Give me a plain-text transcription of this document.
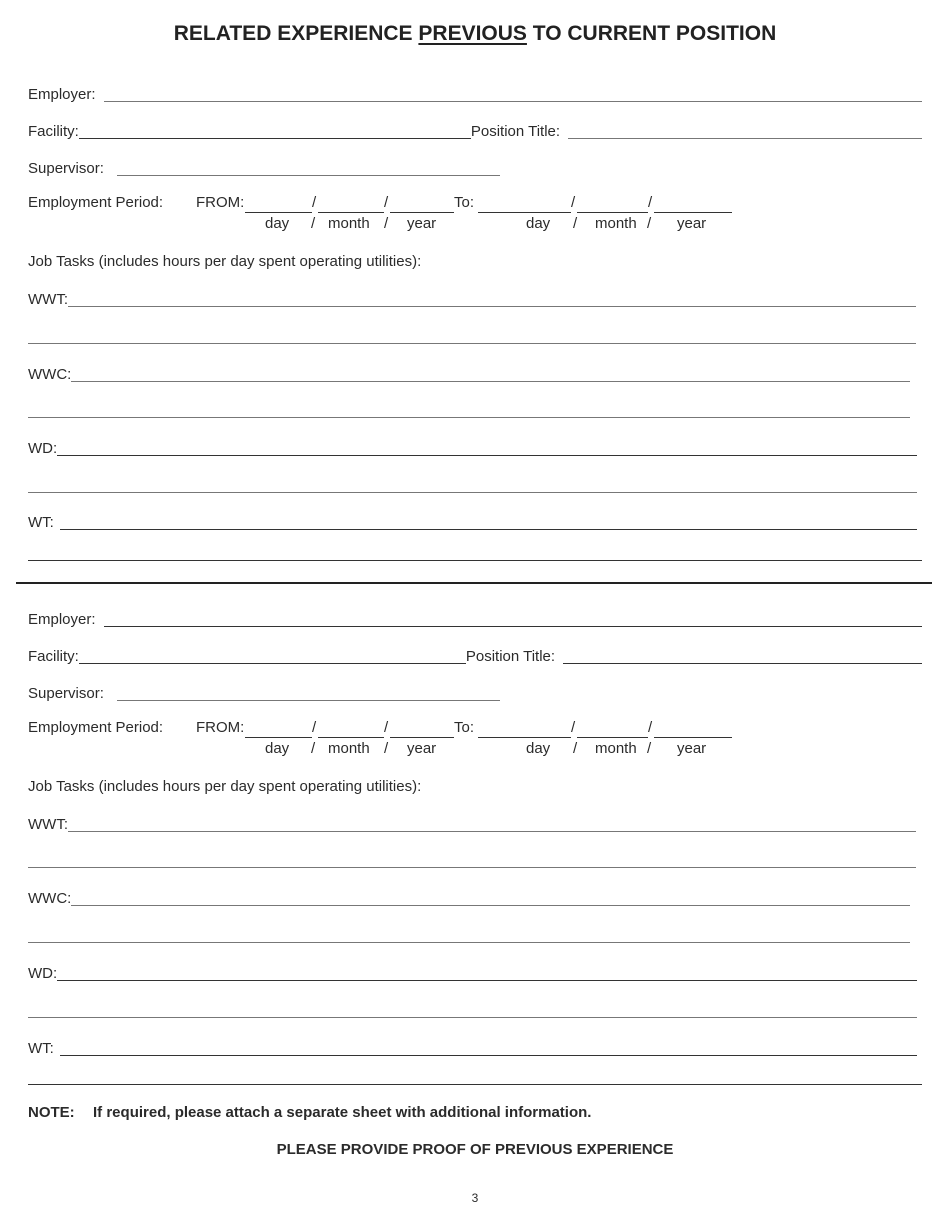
RELATED EXPERIENCE PREVIOUS TO CURRENT POSITION
Employer:
Facility:	Position Title:
Supervisor:
Employment Period: FROM:	/	/	To:	/	/
day / month / year	day / month / year
Job Tasks (includes hours per day spent operating utilities):
WWT:
WWC:
WD:
WT:
Employer:
Facility:	Position Title:
Supervisor:
Employment Period: FROM:	/	/	To:	/	/
day / month / year	day / month / year
Job Tasks (includes hours per day spent operating utilities):
WWT:
WWC:
WD:
WT:
NOTE: If required, please attach a separate sheet with additional information.
PLEASE PROVIDE PROOF OF PREVIOUS EXPERIENCE
3
